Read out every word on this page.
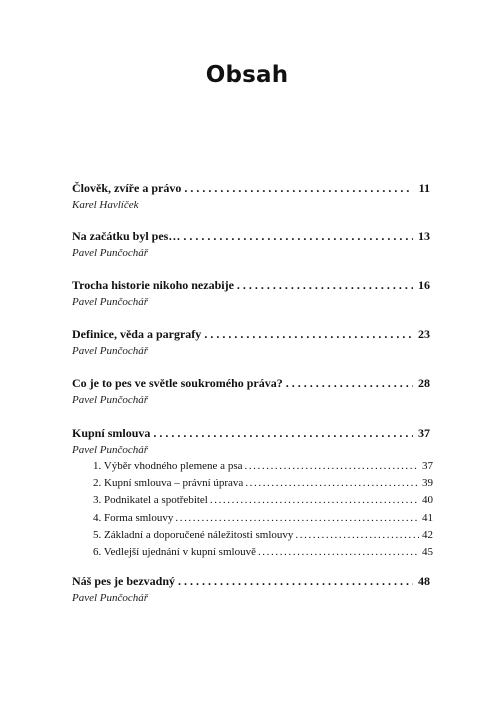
Obsah
Člověk, zvíře a právo . . .	11
Karel Havlíček
Na začátku byl pes… . . .	13
Pavel Punčochář
Trocha historie nikoho nezabije . . .	16
Pavel Punčochář
Definice, věda a pargrafy . . .	23
Pavel Punčochář
Co je to pes ve světle soukromého práva? . . .	28
Pavel Punčochář
Kupní smlouva . . .	37
Pavel Punčochář
1. Výběr vhodného plemene a psa .....	37
2. Kupní smlouva – právní úprava .....	39
3. Podnikatel a spotřebitel .....	40
4. Forma smlouvy .....	41
5. Základní a doporučené náležitosti smlouvy .....	42
6. Vedlejší ujednání v kupní smlouvě .....	45
Náš pes je bezvadný . . .	48
Pavel Punčochář
